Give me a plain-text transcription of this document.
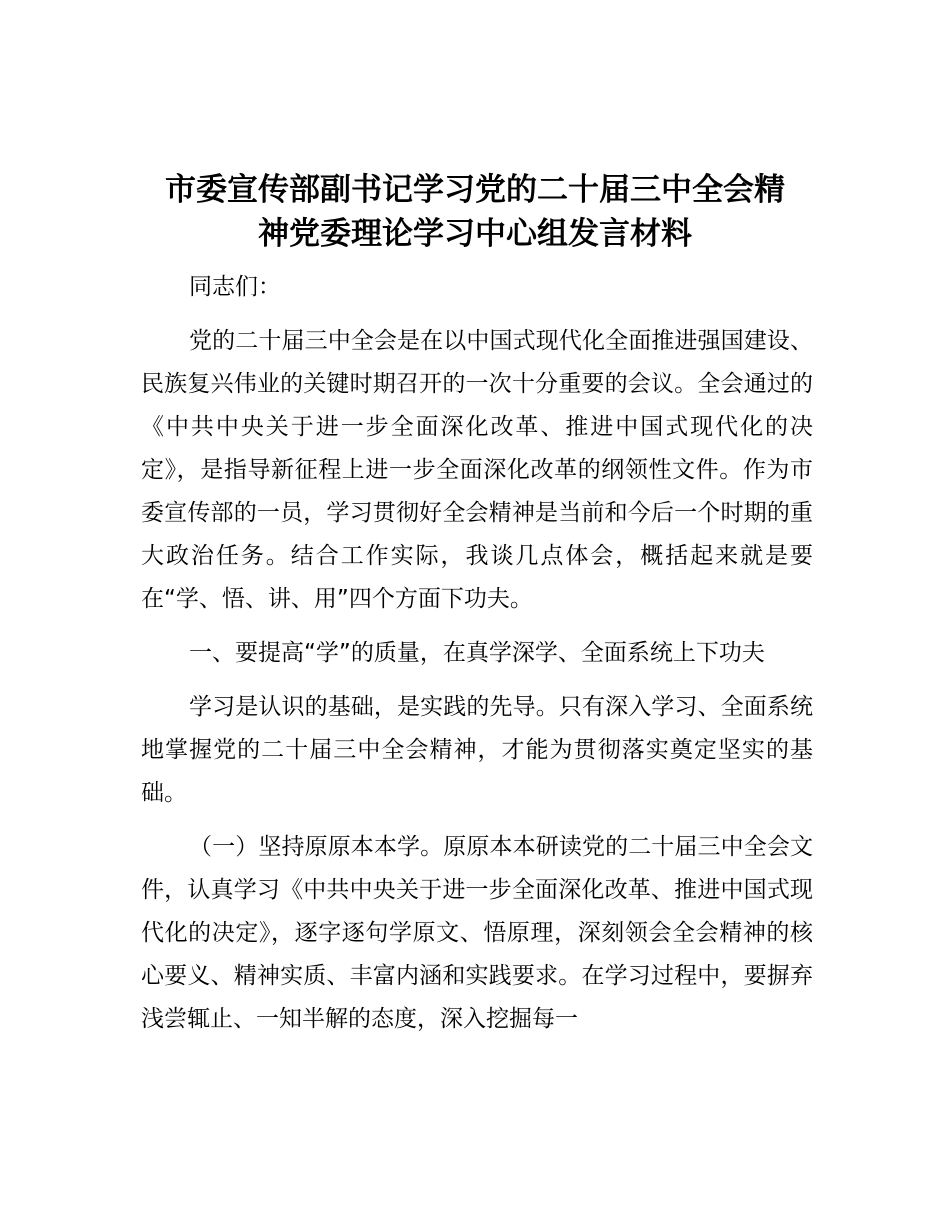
市委宣传部副书记学习党的二十届三中全会精
神党委理论学习中心组发言材料

同志们：

党的二十届三中全会是在以中国式现代化全面推进强国建设、民族复兴伟业的关键时期召开的一次十分重要的会议。全会通过的《中共中央关于进一步全面深化改革、推进中国式现代化的决定》，是指导新征程上进一步全面深化改革的纲领性文件。作为市委宣传部的一员，学习贯彻好全会精神是当前和今后一个时期的重大政治任务。结合工作实际，我谈几点体会，概括起来就是要在“学、悟、讲、用”四个方面下功夫。

一、要提高“学”的质量，在真学深学、全面系统上下功夫

学习是认识的基础，是实践的先导。只有深入学习、全面系统地掌握党的二十届三中全会精神，才能为贯彻落实奠定坚实的基础。

（一）坚持原原本本学。原原本本研读党的二十届三中全会文件，认真学习《中共中央关于进一步全面深化改革、推进中国式现代化的决定》，逐字逐句学原文、悟原理，深刻领会全会精神的核心要义、精神实质、丰富内涵和实践要求。在学习过程中，要摒弃浅尝辄止、一知半解的态度，深入挖掘每一
